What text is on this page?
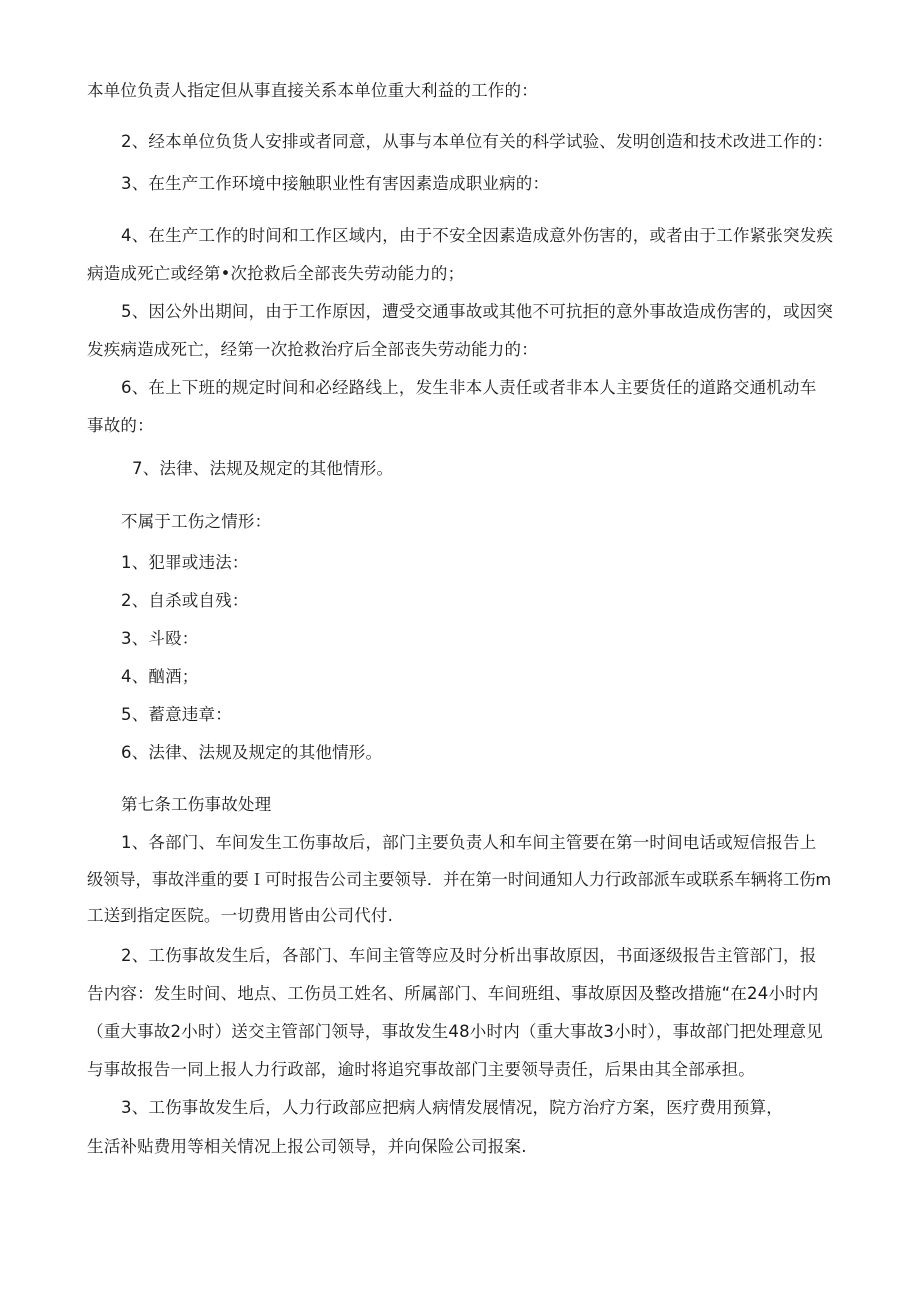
本单位负责人指定但从事直接关系本单位重大利益的工作的：

2、经本单位负货人安排或者同意，从事与本单位有关的科学试验、发明创造和技术改进工作的：

3、在生产工作环境中接触职业性有害因素造成职业病的：

4、在生产工作的时间和工作区域内，由于不安全因素造成意外伤害的，或者由于工作紧张突发疾

病造成死亡或经第•次抢救后全部丧失劳动能力的；

5、因公外出期间，由于工作原因，遭受交通事故或其他不可抗拒的意外事故造成伤害的，或因突

发疾病造成死亡，经第一次抢救治疗后全部丧失劳动能力的：

6、在上下班的规定时间和必经路线上，发生非本人责任或者非本人主要货任的道路交通机动车

事故的：

7、法律、法规及规定的其他情形。

不属于工伤之情形：

1、犯罪或违法：

2、自杀或自残：

3、斗殴：

4、酗酒；

5、蓄意违章：

6、法律、法规及规定的其他情形。

第七条工伤事故处理

1、各部门、车间发生工伤事故后，部门主要负责人和车间主管要在第一时间电话或短信报告上

级领导，事故泮重的要Ｉ可时报告公司主要领导．并在第一时间通知人力行政部派车或联系车辆将工伤m

工送到指定医院。一切费用皆由公司代付.

2、工伤事故发生后，各部门、车间主管等应及时分析出事故原因，书面逐级报告主管部门，报

告内容：发生时间、地点、工伤员工姓名、所属部门、车间班组、事故原因及整改措施“在24小时内

（重大事故2小时）送交主管部门领导，事故发生48小时内（重大事故3小时），事故部门把处理意见

与事故报告一同上报人力行政部，逾时将追究事故部门主要领导责任，后果由其全部承担。

3、工伤事故发生后，人力行政部应把病人病情发展情况，院方治疗方案，医疗费用预算，

生活补贴费用等相关情况上报公司领导，并向保险公司报案.
